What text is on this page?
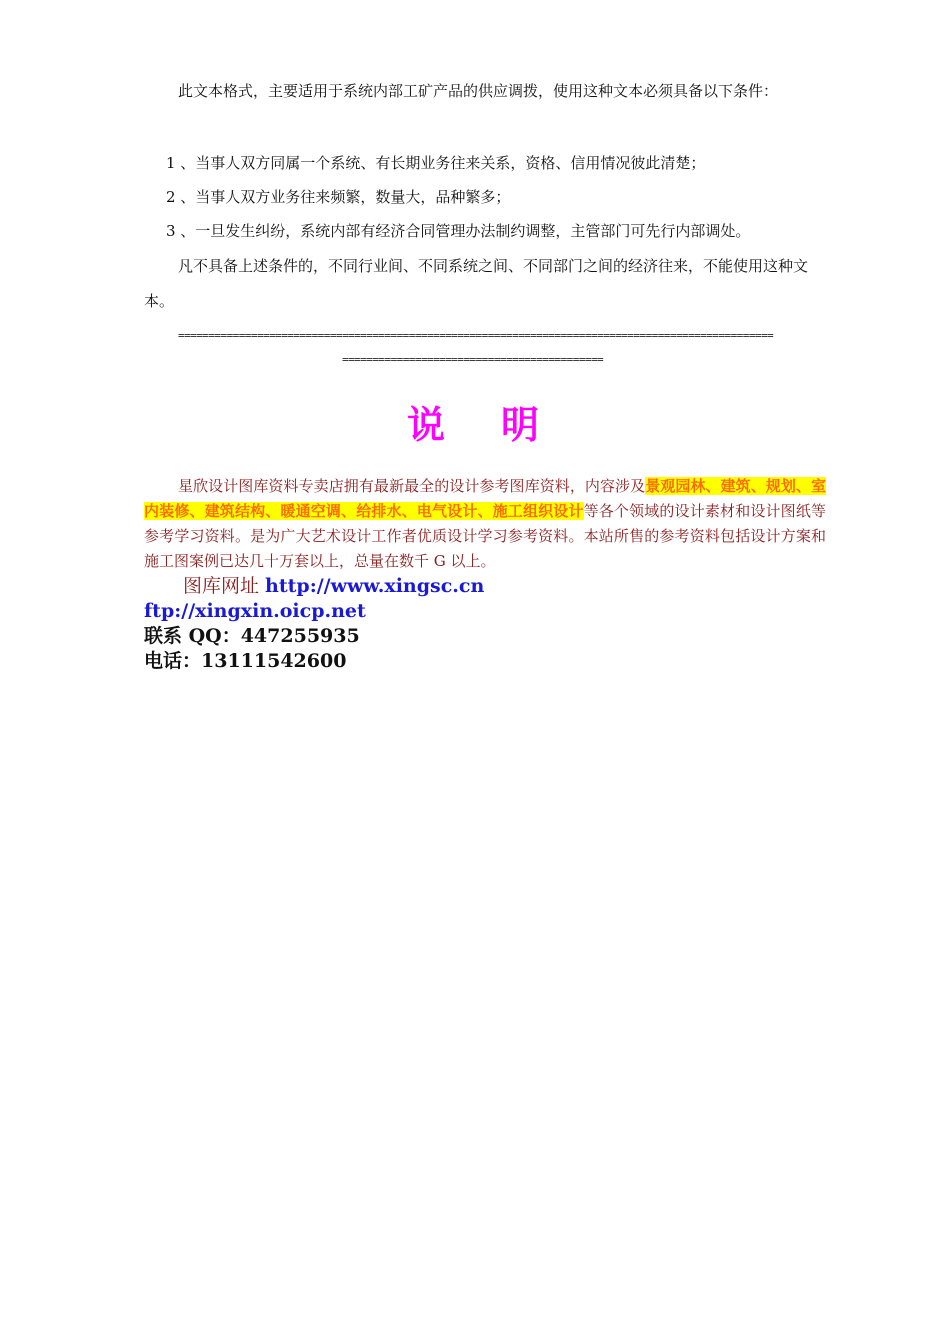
此文本格式，主要适用于系统内部工矿产品的供应调拨，使用这种文本必须具备以下条件：

1 、当事人双方同属一个系统、有长期业务往来关系，资格、信用情况彼此清楚；

2 、当事人双方业务往来频繁，数量大，品种繁多；

3 、一旦发生纠纷，系统内部有经济合同管理办法制约调整，主管部门可先行内部调处。

凡不具备上述条件的，不同行业间、不同系统之间、不同部门之间的经济往来，不能使用这种文本。

==================================================================================================
===========================================
说明

星欣设计图库资料专卖店拥有最新最全的设计参考图库资料，内容涉及景观园林、建筑、规划、室内装修、建筑结构、暖通空调、给排水、电气设计、施工组织设计等各个领域的设计素材和设计图纸等参考学习资料。是为广大艺术设计工作者优质设计学习参考资料。本站所售的参考资料包括设计方案和施工图案例已达几十万套以上，总量在数千 G 以上。

图库网址 http://www.xingsc.cn

ftp://xingxin.oicp.net

联系 QQ：447255935

电话：13111542600
